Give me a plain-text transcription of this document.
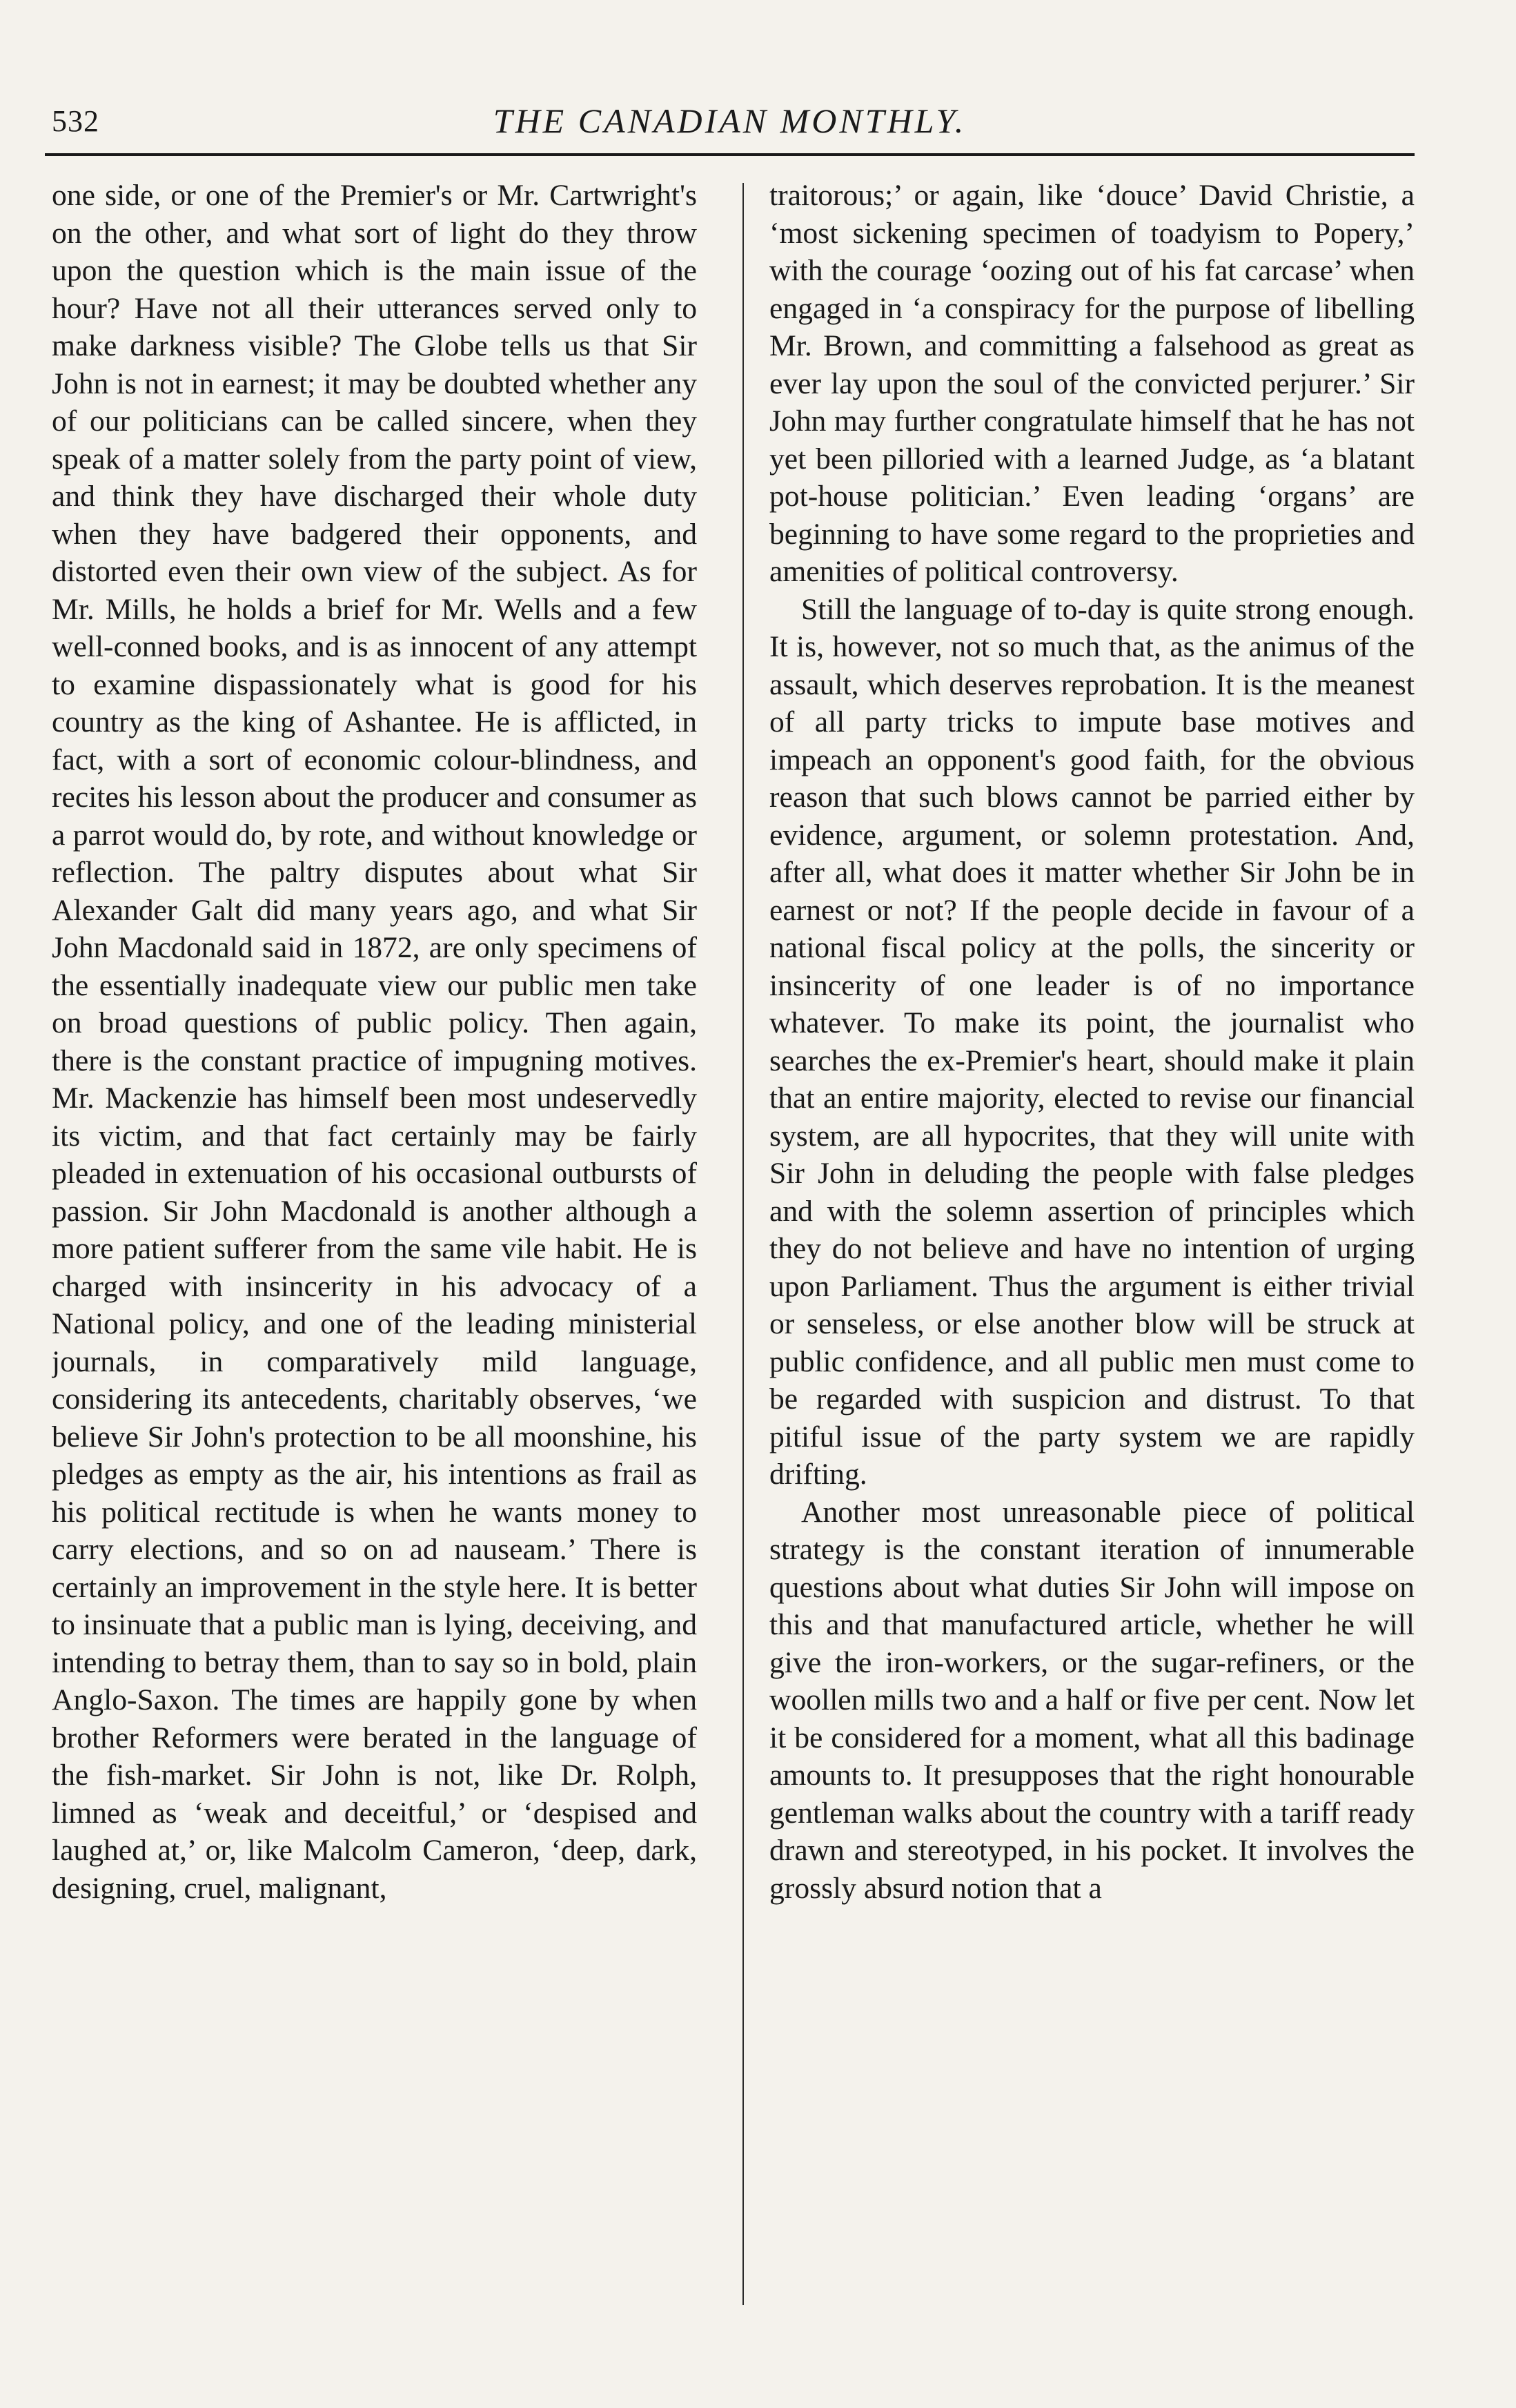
532	THE CANADIAN MONTHLY.

one side, or one of the Premier's or Mr. Cartwright's on the other, and what sort of light do they throw upon the question which is the main issue of the hour? Have not all their utterances served only to make darkness visible? The Globe tells us that Sir John is not in earnest; it may be doubted whether any of our politicians can be called sincere, when they speak of a matter solely from the party point of view, and think they have discharged their whole duty when they have badgered their opponents, and distorted even their own view of the subject. As for Mr. Mills, he holds a brief for Mr. Wells and a few well-conned books, and is as innocent of any attempt to examine dispassionately what is good for his country as the king of Ashantee. He is afflicted, in fact, with a sort of economic colour-blindness, and recites his lesson about the producer and consumer as a parrot would do, by rote, and without knowledge or reflection. The paltry disputes about what Sir Alexander Galt did many years ago, and what Sir John Macdonald said in 1872, are only specimens of the essentially inadequate view our public men take on broad questions of public policy. Then again, there is the constant practice of impugning motives. Mr. Mackenzie has himself been most undeservedly its victim, and that fact certainly may be fairly pleaded in extenuation of his occasional outbursts of passion. Sir John Macdonald is another although a more patient sufferer from the same vile habit. He is charged with insincerity in his advocacy of a National policy, and one of the leading ministerial journals, in comparatively mild language, considering its antecedents, charitably observes, ‘we believe Sir John's protection to be all moonshine, his pledges as empty as the air, his intentions as frail as his political rectitude is when he wants money to carry elections, and so on ad nauseam.’ There is certainly an improvement in the style here. It is better to insinuate that a public man is lying, deceiving, and intending to betray them, than to say so in bold, plain Anglo-Saxon. The times are happily gone by when brother Reformers were berated in the language of the fish-market. Sir John is not, like Dr. Rolph, limned as ‘weak and deceitful,’ or ‘despised and laughed at,’ or, like Malcolm Cameron, ‘deep, dark, designing, cruel, malignant,

traitorous;’ or again, like ‘douce’ David Christie, a ‘most sickening specimen of toadyism to Popery,’ with the courage ‘oozing out of his fat carcase’ when engaged in ‘a conspiracy for the purpose of libelling Mr. Brown, and committing a falsehood as great as ever lay upon the soul of the convicted perjurer.’ Sir John may further congratulate himself that he has not yet been pilloried with a learned Judge, as ‘a blatant pot-house politician.’ Even leading ‘organs’ are beginning to have some regard to the proprieties and amenities of political controversy.

Still the language of to-day is quite strong enough. It is, however, not so much that, as the animus of the assault, which deserves reprobation. It is the meanest of all party tricks to impute base motives and impeach an opponent's good faith, for the obvious reason that such blows cannot be parried either by evidence, argument, or solemn protestation. And, after all, what does it matter whether Sir John be in earnest or not? If the people decide in favour of a national fiscal policy at the polls, the sincerity or insincerity of one leader is of no importance whatever. To make its point, the journalist who searches the ex-Premier's heart, should make it plain that an entire majority, elected to revise our financial system, are all hypocrites, that they will unite with Sir John in deluding the people with false pledges and with the solemn assertion of principles which they do not believe and have no intention of urging upon Parliament. Thus the argument is either trivial or senseless, or else another blow will be struck at public confidence, and all public men must come to be regarded with suspicion and distrust. To that pitiful issue of the party system we are rapidly drifting.

Another most unreasonable piece of political strategy is the constant iteration of innumerable questions about what duties Sir John will impose on this and that manufactured article, whether he will give the iron-workers, or the sugar-refiners, or the woollen mills two and a half or five per cent. Now let it be considered for a moment, what all this badinage amounts to. It presupposes that the right honourable gentleman walks about the country with a tariff ready drawn and stereotyped, in his pocket. It involves the grossly absurd notion that a
